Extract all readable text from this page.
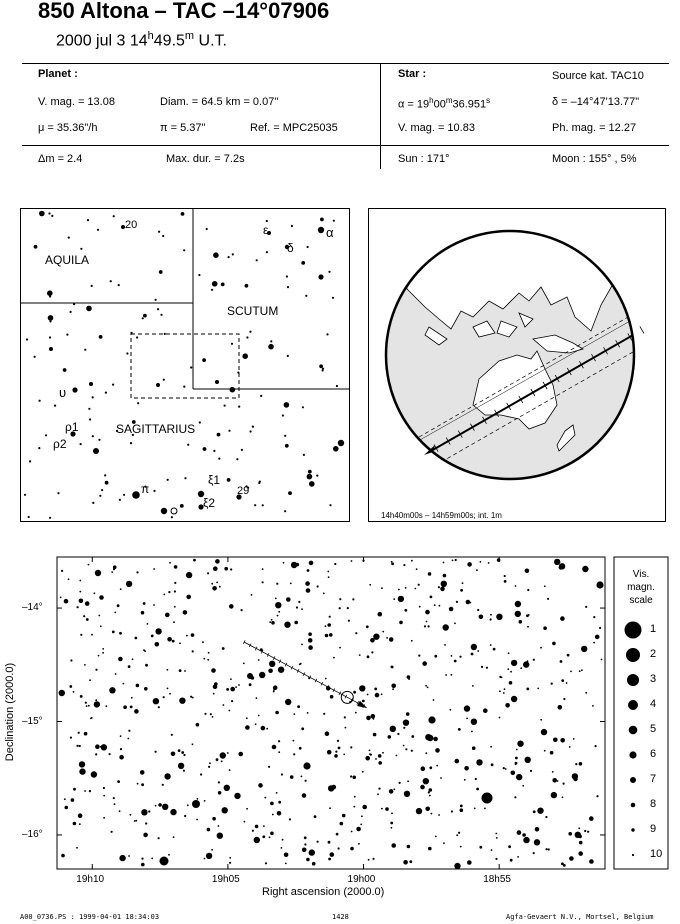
850 Altona – TAC –14°07906
2000 jul 3 14$^h$49.5$^m$ U.T.
Planet :
V. mag. = 13.08	Diam. = 64.5 km = 0.07"
μ = 35.36"/h	π = 5.37"	Ref. = MPC25035
Star :	Source kat. TAC10
$\alpha = 19^h00^m36.951^s$	δ = –14°47'13.77"
V. mag. = 10.83	Ph. mag. = 12.27
Δm = 2.4	Max. dur. = 7.2s	Sun : 171°	Moon : 155° , 5%
AQUILA
SCUTUM
SAGITTARIUS
20	ε	α
δ
υ
ρ1
ρ2
π
ξ1
ξ2
29
14h40m00s – 14h59m00s; int. 1m
Vis.
magn.
scale
1
2
3
4
5
6
7
8
9
10
–14°
–15°
–16°
19h10	19h05	19h00	18h55
Right ascension (2000.0)
Declination (2000.0)
A00_0736.PS : 1999-04-01 18:34:03	1428	Agfa-Gevaert N.V., Mortsel, Belgium
